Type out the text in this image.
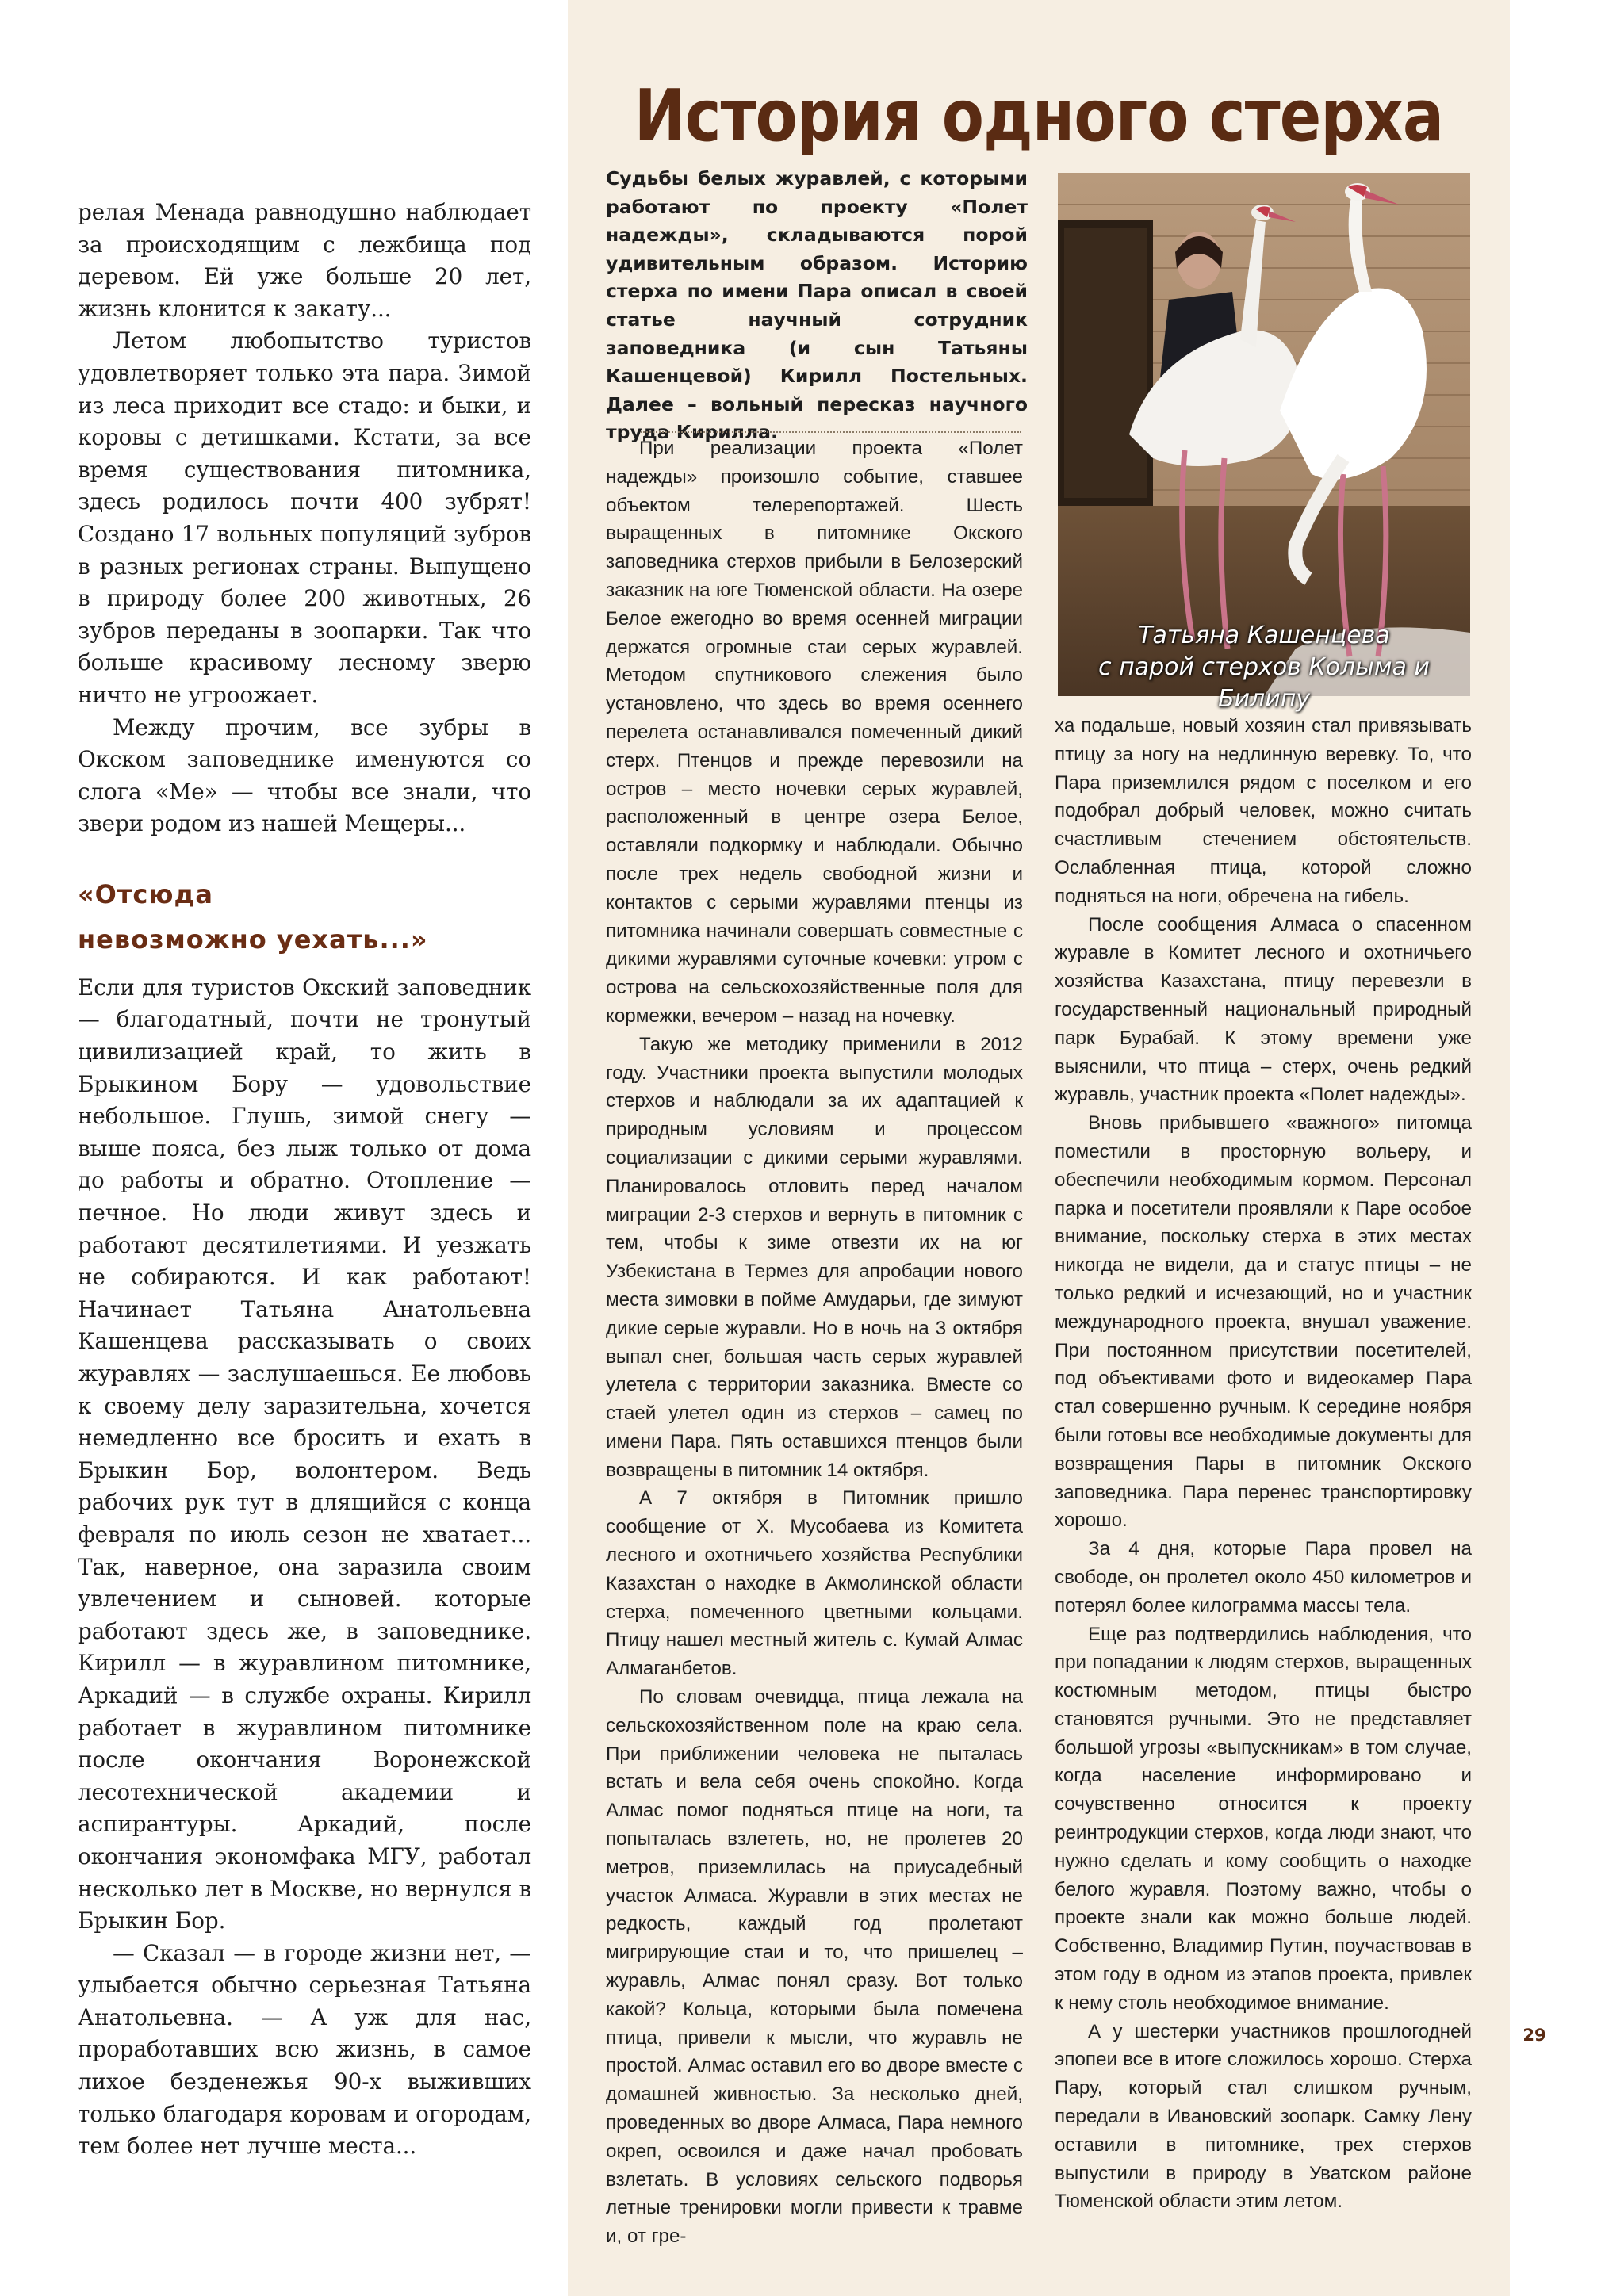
релая Менада равнодушно наблюдает за происходящим с лежбища под деревом. Ей уже больше 20 лет, жизнь клонится к закату...

Летом любопытство туристов удовлетворяет только эта пара. Зимой из леса приходит все стадо: и быки, и коровы с детишками. Кстати, за все время существования питомника, здесь родилось почти 400 зубрят! Создано 17 вольных популяций зубров в разных регионах страны. Выпущено в природу более 200 животных, 26 зубров переданы в зоопарки. Так что больше красивому лесному зверю ничто не угроожает.

Между прочим, все зубры в Окском заповеднике именуются со слога «Ме» — чтобы все знали, что звери родом из нашей Мещеры...

«Отсюда
невозможно уехать...»

Если для туристов Окский заповедник — благодатный, почти не тронутый цивилизацией край, то жить в Брыкином Бору — удовольствие небольшое. Глушь, зимой снегу — выше пояса, без лыж только от дома до работы и обратно. Отопление — печное. Но люди живут здесь и работают десятилетиями. И уезжать не собираются. И как работают! Начинает Татьяна Анатольевна Кашенцева рассказывать о своих журавлях — заслушаешься. Ее любовь к своему делу заразительна, хочется немедленно все бросить и ехать в Брыкин Бор, волонтером. Ведь рабочих рук тут в длящийся с конца февраля по июль сезон не хватает... Так, наверное, она заразила своим увлечением и сыновей. которые работают здесь же, в заповеднике. Кирилл — в журавлином питомнике, Аркадий — в службе охраны. Кирилл работает в журавлином питомнике после окончания Воронежской лесотехнической академии и аспирантуры. Аркадий, после окончания экономфака МГУ, работал несколько лет в Москве, но вернулся в Брыкин Бор.

— Сказал — в городе жизни нет, — улыбается обычно серьезная Татьяна Анатольевна. — А уж для нас, проработавших всю жизнь, в самое лихое безденежья 90-х выживших только благодаря коровам и огородам, тем более нет лучше места...

История одного стерха
Судьбы белых журавлей, с которыми работают по проекту «Полет надежды», складываются порой удивительным образом. Историю стерха по имени Пара описал в своей статье научный сотрудник заповедника (и сын Татьяны Кашенцевой) Кирилл Постельных. Далее – вольный пересказ научного труда Кирилла.
Татьяна Кашенцева
с парой стерхов Колыма и Билипу

При реализации проекта «Полет надежды» произошло событие, ставшее объектом телерепортажей. Шесть выращенных в питомнике Окского заповедника стерхов прибыли в Белозерский заказник на юге Тюменской области. На озере Белое ежегодно во время осенней миграции держатся огромные стаи серых журавлей. Методом спутникового слежения было установлено, что здесь во время осеннего перелета останавливался помеченный дикий стерх. Птенцов и прежде перевозили на остров – место ночевки серых журавлей, расположенный в центре озера Белое, оставляли подкормку и наблюдали. Обычно после трех недель свободной жизни и контактов с серыми журавлями птенцы из питомника начинали совершать совместные с дикими журавлями суточные кочевки: утром с острова на сельскохозяйственные поля для кормежки, вечером – назад на ночевку.

Такую же методику применили в 2012 году. Участники проекта выпустили молодых стерхов и наблюдали за их адаптацией к природным условиям и процессом социализации с дикими серыми журавлями. Планировалось отловить перед началом миграции 2-3 стерхов и вернуть в питомник с тем, чтобы к зиме отвезти их на юг Узбекистана в Термез для апробации нового места зимовки в пойме Амударьи, где зимуют дикие серые журавли. Но в ночь на 3 октября выпал снег, большая часть серых журавлей улетела с территории заказника. Вместе со стаей улетел один из стерхов – самец по имени Пара. Пять оставшихся птенцов были возвращены в питомник 14 октября.

А 7 октября в Питомник пришло сообщение от Х. Мусобаева из Комитета лесного и охотничьего хозяйства Республики Казахстан о находке в Акмолинской области стерха, помеченного цветными кольцами. Птицу нашел местный житель с. Кумай Алмас Алмаганбетов.

По словам очевидца, птица лежала на сельскохозяйственном поле на краю села. При приближении человека не пыталась встать и вела себя очень спокойно. Когда Алмас помог подняться птице на ноги, та попыталась взлететь, но, не пролетев 20 метров, приземлилась на приусадебный участок Алмаса. Журавли в этих местах не редкость, каждый год пролетают мигрирующие стаи и то, что пришелец – журавль, Алмас понял сразу. Вот только какой? Кольца, которыми была помечена птица, привели к мысли, что журавль не простой. Алмас оставил его во дворе вместе с домашней живностью. За несколько дней, проведенных во дворе Алмаса, Пара немного окреп, освоился и даже начал пробовать взлетать. В условиях сельского подворья летные тренировки могли привести к травме и, от гре-

ха подальше, новый хозяин стал привязывать птицу за ногу на недлинную веревку. То, что Пара приземлился рядом с поселком и его подобрал добрый человек, можно считать счастливым стечением обстоятельств. Ослабленная птица, которой сложно подняться на ноги, обречена на гибель.

После сообщения Алмаса о спасенном журавле в Комитет лесного и охотничьего хозяйства Казахстана, птицу перевезли в государственный национальный природный парк Бурабай. К этому времени уже выяснили, что птица – стерх, очень редкий журавль, участник проекта «Полет надежды».

Вновь прибывшего «важного» питомца поместили в просторную вольеру, и обеспечили необходимым кормом. Персонал парка и посетители проявляли к Паре особое внимание, поскольку стерха в этих местах никогда не видели, да и статус птицы – не только редкий и исчезающий, но и участник международного проекта, внушал уважение. При постоянном присутствии посетителей, под объективами фото и видеокамер Пара стал совершенно ручным. К середине ноября были готовы все необходимые документы для возвращения Пары в питомник Окского заповедника. Пара перенес транспортировку хорошо.

За 4 дня, которые Пара провел на свободе, он пролетел около 450 километров и потерял более килограмма массы тела.

Еще раз подтвердились наблюдения, что при попадании к людям стерхов, выращенных костюмным методом, птицы быстро становятся ручными. Это не представляет большой угрозы «выпускникам» в том случае, когда население информировано и сочувственно относится к проекту реинтродукции стерхов, когда люди знают, что нужно сделать и кому сообщить о находке белого журавля. Поэтому важно, чтобы о проекте знали как можно больше людей. Собственно, Владимир Путин, поучаствовав в этом году в одном из этапов проекта, привлек к нему столь необходимое внимание.

А у шестерки участников прошлогодней эпопеи все в итоге сложилось хорошо. Стерха Пару, который стал слишком ручным, передали в Ивановский зоопарк. Самку Лену оставили в питомнике, трех стерхов выпустили в природу в Уватском районе Тюменской области этим летом.

29
